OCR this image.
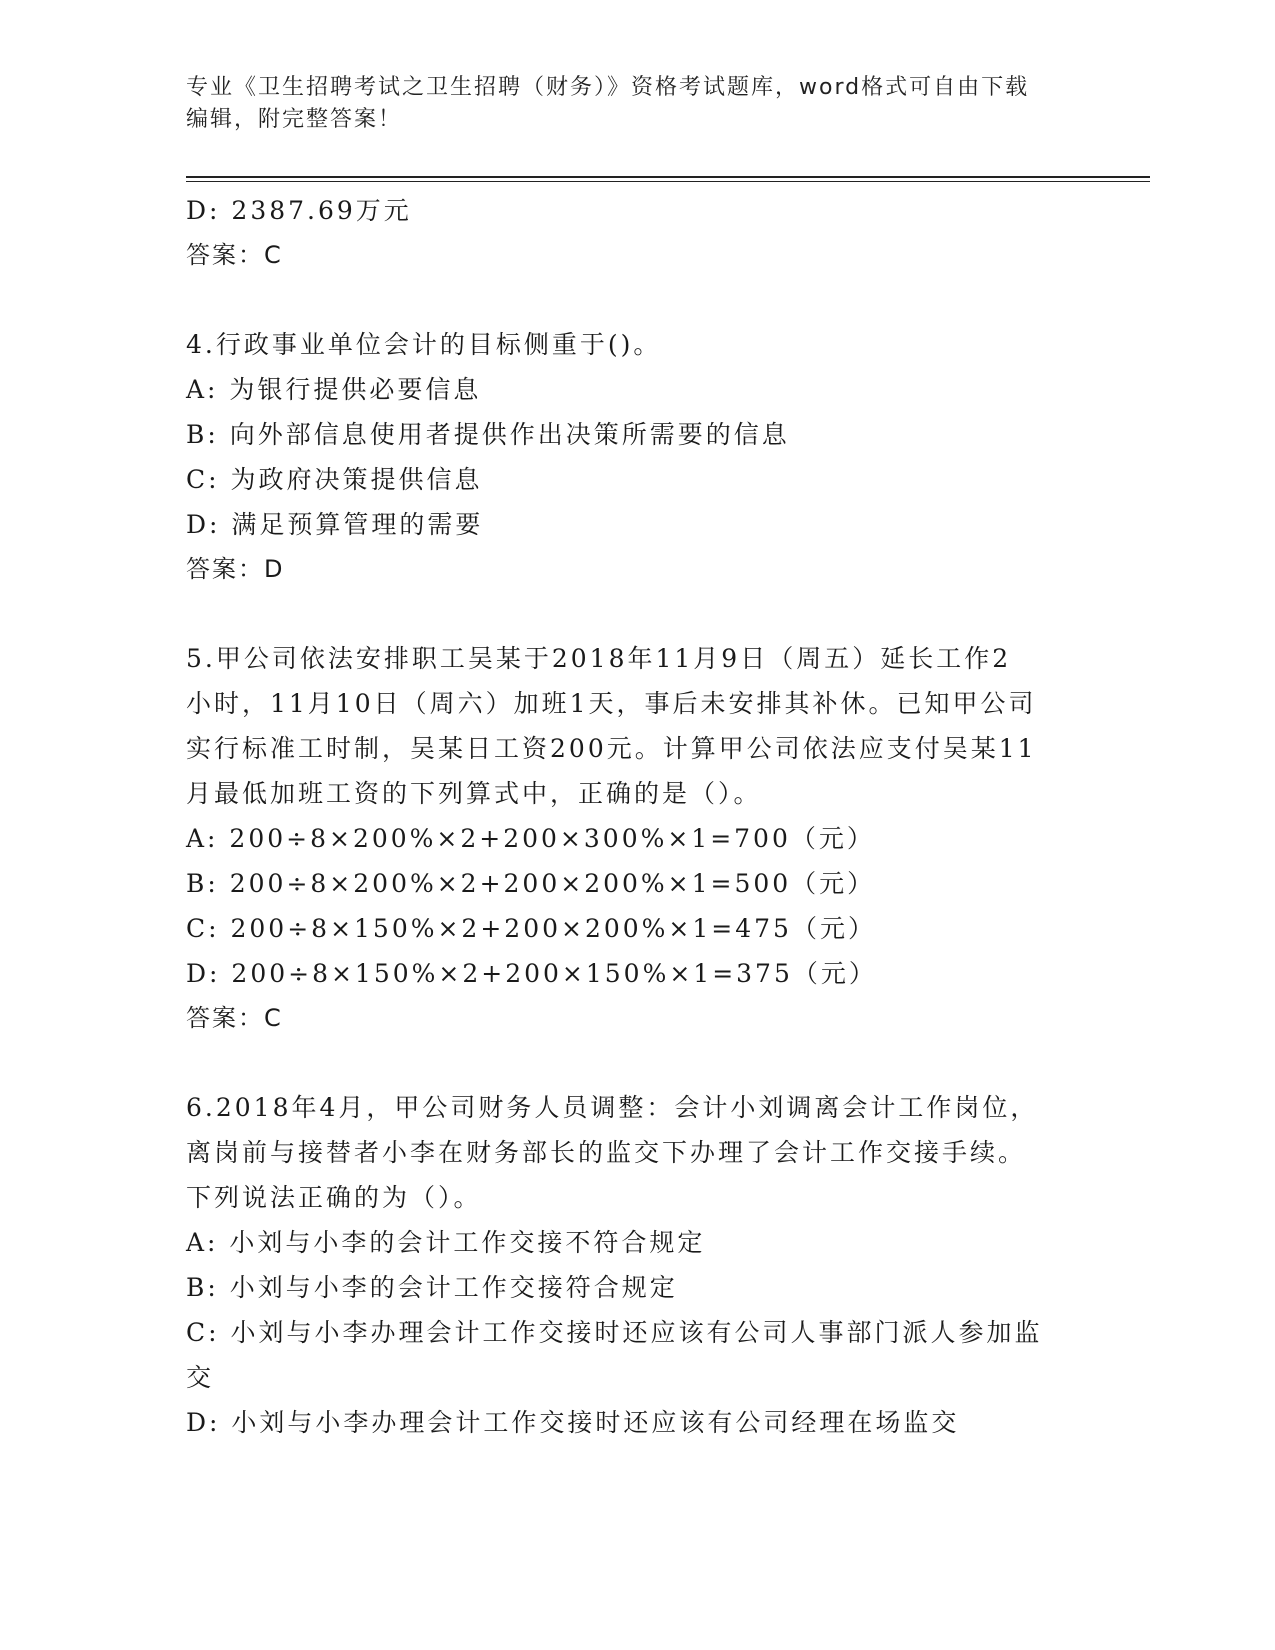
专业《卫生招聘考试之卫生招聘（财务）》资格考试题库，word格式可自由下载
编辑，附完整答案！
D: 2387.69万元
答案：C
4.行政事业单位会计的目标侧重于()。
A: 为银行提供必要信息
B: 向外部信息使用者提供作出决策所需要的信息
C: 为政府决策提供信息
D: 满足预算管理的需要
答案：D
5.甲公司依法安排职工吴某于2018年11月9日（周五）延长工作2
小时，11月10日（周六）加班1天，事后未安排其补休。已知甲公司
实行标准工时制，吴某日工资200元。计算甲公司依法应支付吴某11
月最低加班工资的下列算式中，正确的是（）。
A: 200÷8×200%×2+200×300%×1=700（元）
B: 200÷8×200%×2+200×200%×1=500（元）
C: 200÷8×150%×2+200×200%×1=475（元）
D: 200÷8×150%×2+200×150%×1=375（元）
答案：C
6.2018年4月，甲公司财务人员调整：会计小刘调离会计工作岗位，
离岗前与接替者小李在财务部长的监交下办理了会计工作交接手续。
下列说法正确的为（）。
A: 小刘与小李的会计工作交接不符合规定
B: 小刘与小李的会计工作交接符合规定
C: 小刘与小李办理会计工作交接时还应该有公司人事部门派人参加监
交
D: 小刘与小李办理会计工作交接时还应该有公司经理在场监交
